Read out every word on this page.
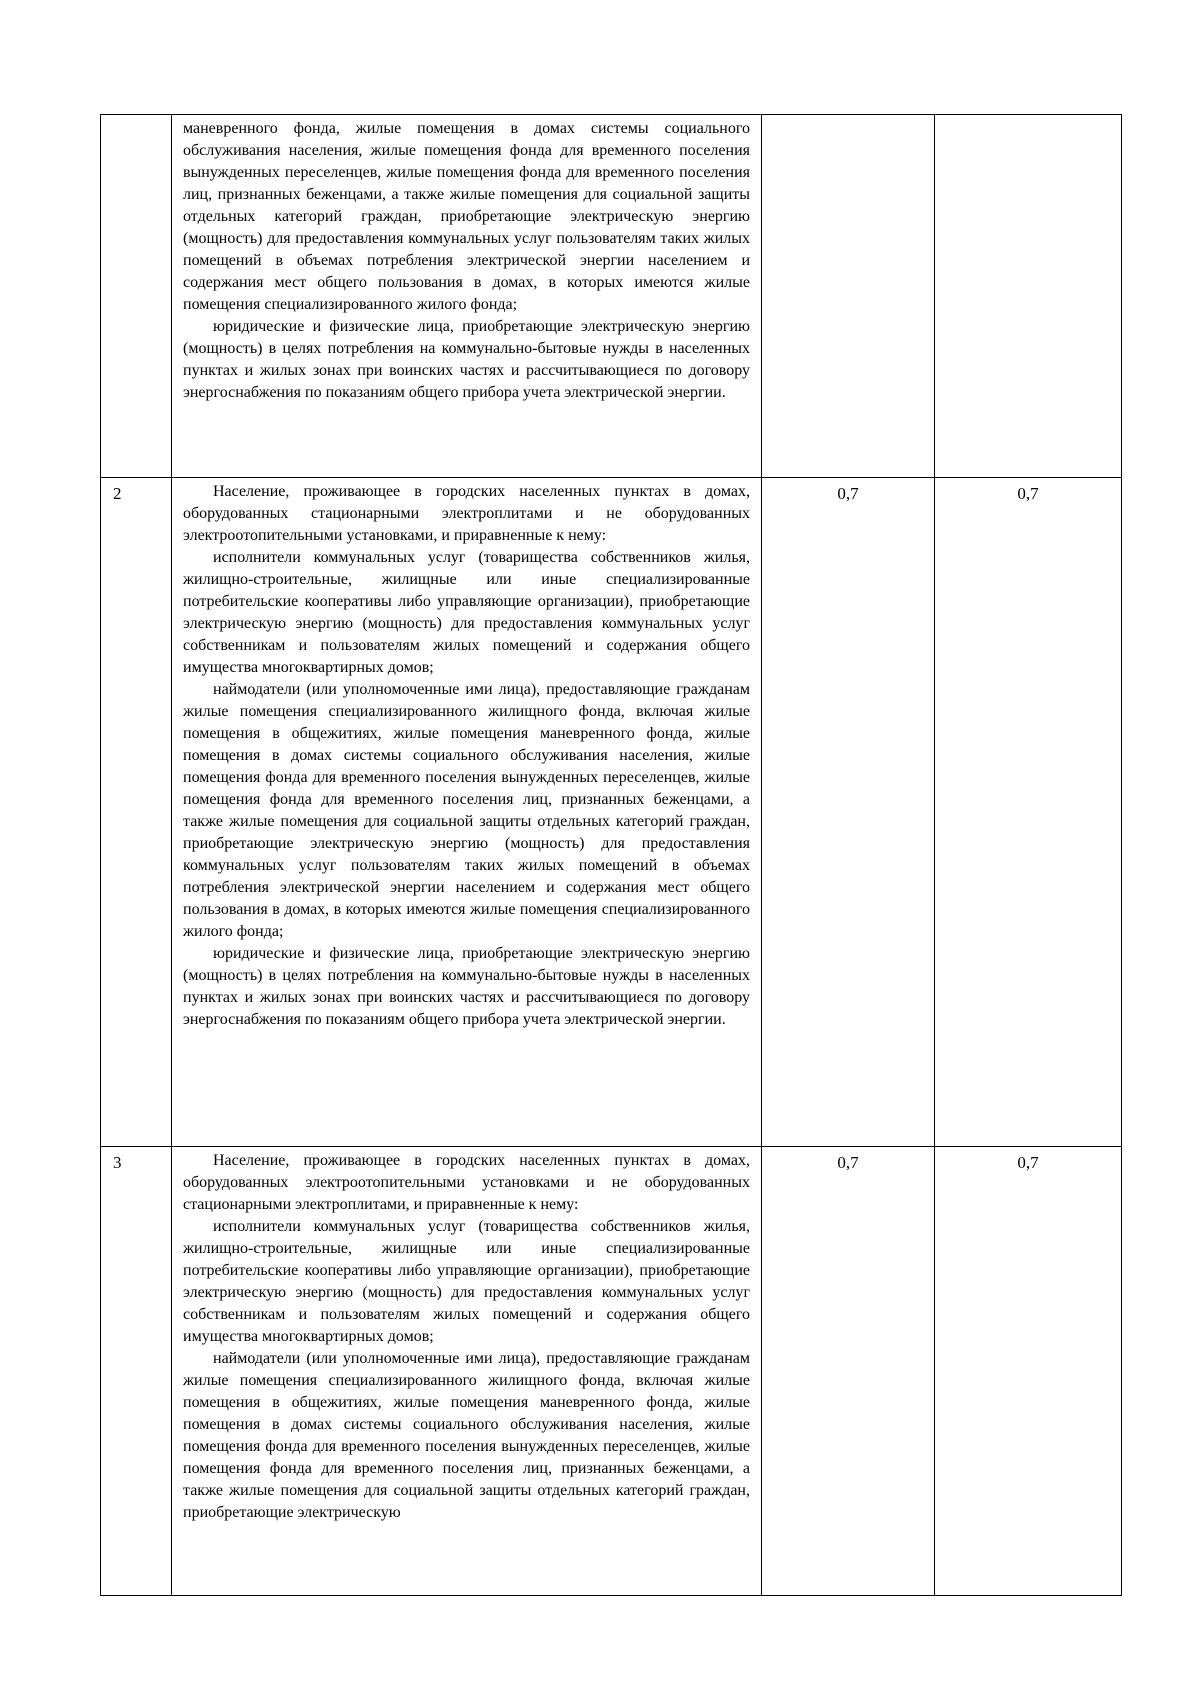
	маневренного фонда, жилые помещения в домах системы социального обслуживания населения, жилые помещения фонда для временного поселения вынужденных переселенцев, жилые помещения фонда для временного поселения лиц, признанных беженцами, а также жилые помещения для социальной защиты отдельных категорий граждан, приобретающие электрическую энергию (мощность) для предоставления коммунальных услуг пользователям таких жилых помещений в объемах потребления электрической энергии населением и содержания мест общего пользования в домах, в которых имеются жилые помещения специализированного жилого фонда;

юридические и физические лица, приобретающие электрическую энергию (мощность) в целях потребления на коммунально-бытовые нужды в населенных пунктах и жилых зонах при воинских частях и рассчитывающиеся по договору энергоснабжения по показаниям общего прибора учета электрической энергии.		

2	Население, проживающее в городских населенных пунктах в домах, оборудованных стационарными электроплитами и не оборудованных электроотопительными установками, и приравненные к нему:

исполнители коммунальных услуг (товарищества собственников жилья, жилищно-строительные, жилищные или иные специализированные потребительские кооперативы либо управляющие организации), приобретающие электрическую энергию (мощность) для предоставления коммунальных услуг собственникам и пользователям жилых помещений и содержания общего имущества многоквартирных домов;

наймодатели (или уполномоченные ими лица), предоставляющие гражданам жилые помещения специализированного жилищного фонда, включая жилые помещения в общежитиях, жилые помещения маневренного фонда, жилые помещения в домах системы социального обслуживания населения, жилые помещения фонда для временного поселения вынужденных переселенцев, жилые помещения фонда для временного поселения лиц, признанных беженцами, а также жилые помещения для социальной защиты отдельных категорий граждан, приобретающие электрическую энергию (мощность) для предоставления коммунальных услуг пользователям таких жилых помещений в объемах потребления электрической энергии населением и содержания мест общего пользования в домах, в которых имеются жилые помещения специализированного жилого фонда;

юридические и физические лица, приобретающие электрическую энергию (мощность) в целях потребления на коммунально-бытовые нужды в населенных пунктах и жилых зонах при воинских частях и рассчитывающиеся по договору энергоснабжения по показаниям общего прибора учета электрической энергии.	0,7	0,7
3	Население, проживающее в городских населенных пунктах в домах, оборудованных электроотопительными установками и не оборудованных стационарными электроплитами, и приравненные к нему:

исполнители коммунальных услуг (товарищества собственников жилья, жилищно-строительные, жилищные или иные специализированные потребительские кооперативы либо управляющие организации), приобретающие электрическую энергию (мощность) для предоставления коммунальных услуг собственникам и пользователям жилых помещений и содержания общего имущества многоквартирных домов;

наймодатели (или уполномоченные ими лица), предоставляющие гражданам жилые помещения специализированного жилищного фонда, включая жилые помещения в общежитиях, жилые помещения маневренного фонда, жилые помещения в домах системы социального обслуживания населения, жилые помещения фонда для временного поселения вынужденных переселенцев, жилые помещения фонда для временного поселения лиц, признанных беженцами, а также жилые помещения для социальной защиты отдельных категорий граждан, приобретающие электрическую	0,7	0,7
